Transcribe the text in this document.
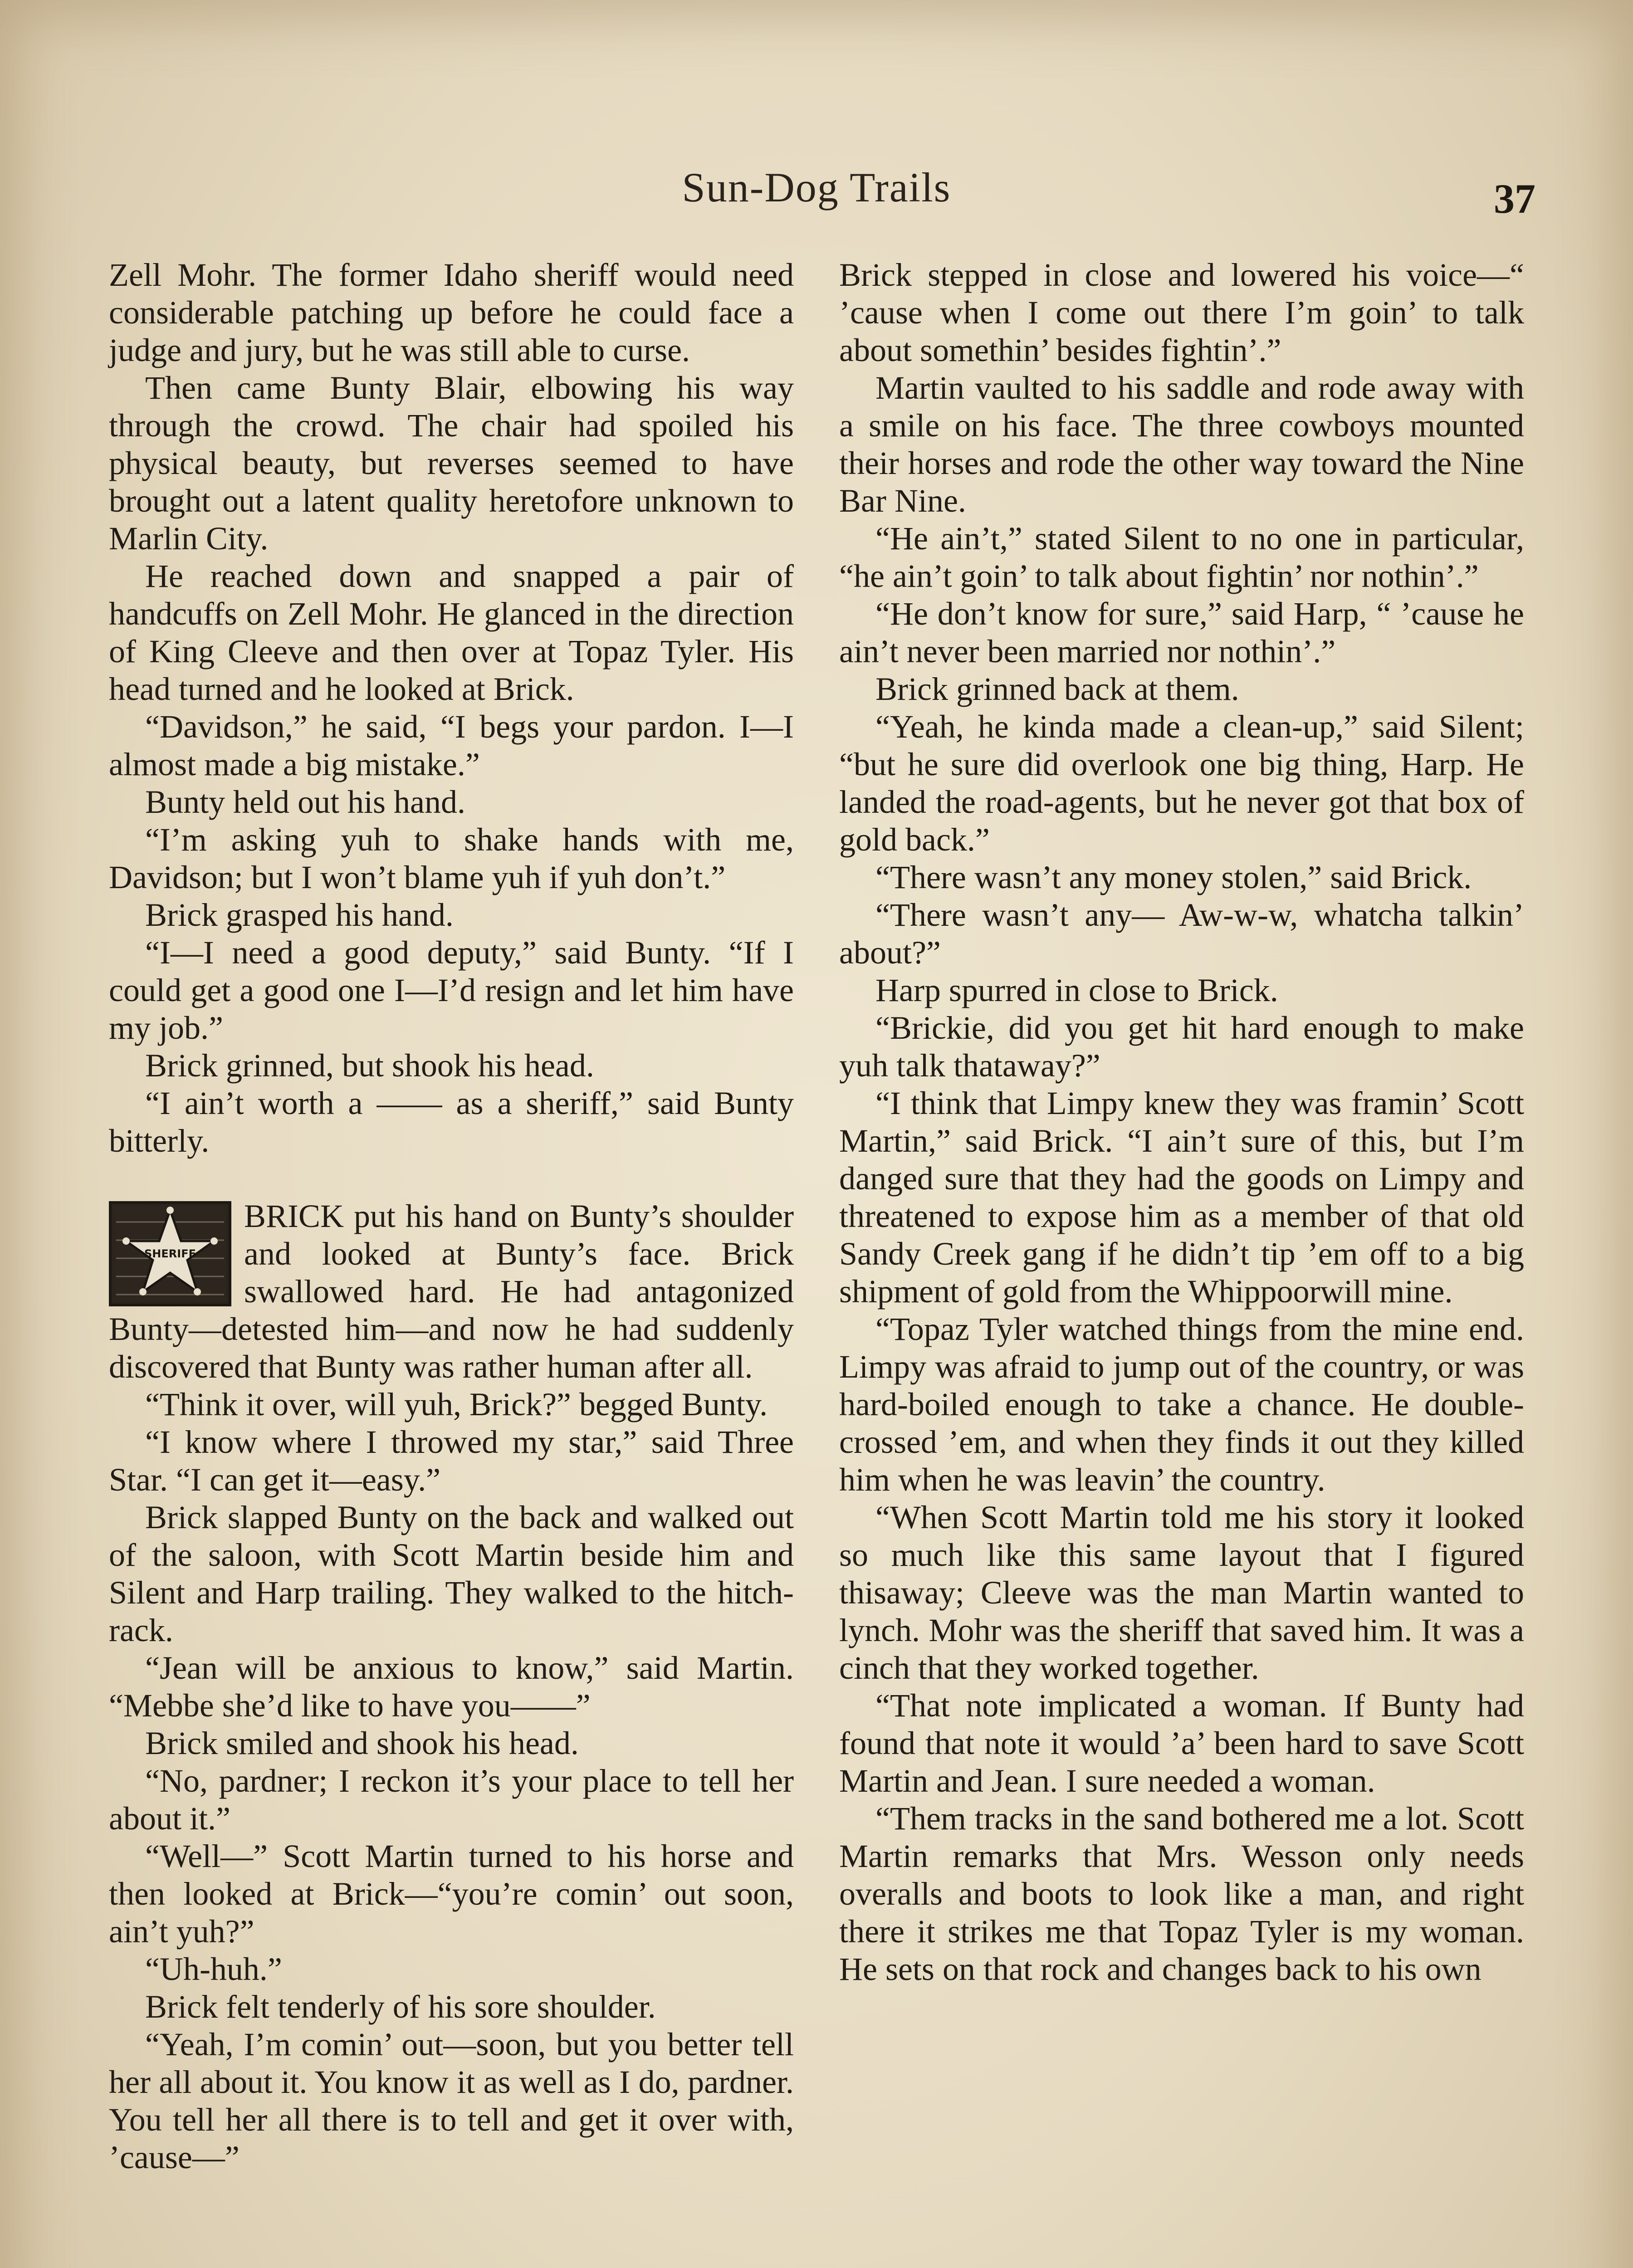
Sun-Dog Trails	37

Zell Mohr. The former Idaho sheriff would need considerable patching up before he could face a judge and jury, but he was still able to curse.

Then came Bunty Blair, elbowing his way through the crowd. The chair had spoiled his physical beauty, but reverses seemed to have brought out a latent quality heretofore unknown to Marlin City.

He reached down and snapped a pair of handcuffs on Zell Mohr. He glanced in the direction of King Cleeve and then over at Topaz Tyler. His head turned and he looked at Brick.

“Davidson,” he said, “I begs your pardon. I—I almost made a big mistake.”

Bunty held out his hand.

“I’m asking yuh to shake hands with me, Davidson; but I won’t blame yuh if yuh don’t.”

Brick grasped his hand.

“I—I need a good deputy,” said Bunty. “If I could get a good one I—I’d resign and let him have my job.”

Brick grinned, but shook his head.

“I ain’t worth a —— as a sheriff,” said Bunty bitterly.

SHERIFF
BRICK put his hand on Bunty’s shoulder and looked at Bunty’s face. Brick swallowed hard. He had antagonized Bunty—detested him—and now he had suddenly discovered that Bunty was rather human after all.

“Think it over, will yuh, Brick?” begged Bunty.

“I know where I throwed my star,” said Three Star. “I can get it—easy.”

Brick slapped Bunty on the back and walked out of the saloon, with Scott Martin beside him and Silent and Harp trailing. They walked to the hitch-rack.

“Jean will be anxious to know,” said Martin. “Mebbe she’d like to have you——”

Brick smiled and shook his head.

“No, pardner; I reckon it’s your place to tell her about it.”

“Well—” Scott Martin turned to his horse and then looked at Brick—“you’re comin’ out soon, ain’t yuh?”

“Uh-huh.”

Brick felt tenderly of his sore shoulder.

“Yeah, I’m comin’ out—soon, but you better tell her all about it. You know it as well as I do, pardner. You tell her all there is to tell and get it over with, ’cause—”

Brick stepped in close and lowered his voice—“ ’cause when I come out there I’m goin’ to talk about somethin’ besides fightin’.”

Martin vaulted to his saddle and rode away with a smile on his face. The three cowboys mounted their horses and rode the other way toward the Nine Bar Nine.

“He ain’t,” stated Silent to no one in particular, “he ain’t goin’ to talk about fightin’ nor nothin’.”

“He don’t know for sure,” said Harp, “ ’cause he ain’t never been married nor nothin’.”

Brick grinned back at them.

“Yeah, he kinda made a clean-up,” said Silent; “but he sure did overlook one big thing, Harp. He landed the road-agents, but he never got that box of gold back.”

“There wasn’t any money stolen,” said Brick.

“There wasn’t any— Aw-w-w, whatcha talkin’ about?”

Harp spurred in close to Brick.

“Brickie, did you get hit hard enough to make yuh talk thataway?”

“I think that Limpy knew they was framin’ Scott Martin,” said Brick. “I ain’t sure of this, but I’m danged sure that they had the goods on Limpy and threatened to expose him as a member of that old Sandy Creek gang if he didn’t tip ’em off to a big shipment of gold from the Whippoorwill mine.

“Topaz Tyler watched things from the mine end. Limpy was afraid to jump out of the country, or was hard-boiled enough to take a chance. He double-crossed ’em, and when they finds it out they killed him when he was leavin’ the country.

“When Scott Martin told me his story it looked so much like this same layout that I figured thisaway; Cleeve was the man Martin wanted to lynch. Mohr was the sheriff that saved him. It was a cinch that they worked together.

“That note implicated a woman. If Bunty had found that note it would ’a’ been hard to save Scott Martin and Jean. I sure needed a woman.

“Them tracks in the sand bothered me a lot. Scott Martin remarks that Mrs. Wesson only needs overalls and boots to look like a man, and right there it strikes me that Topaz Tyler is my woman. He sets on that rock and changes back to his own
